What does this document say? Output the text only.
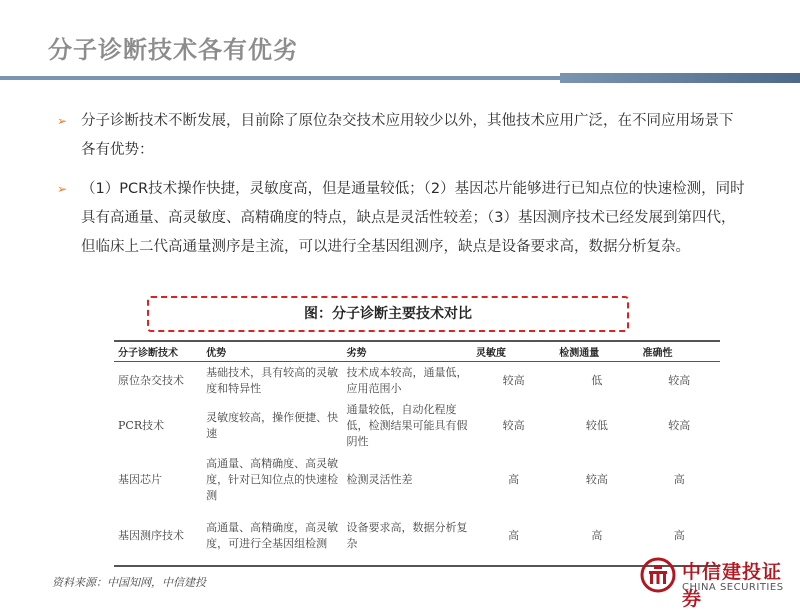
分子诊断技术各有优劣
➢ 分子诊断技术不断发展，目前除了原位杂交技术应用较少以外，其他技术应用广泛，在不同应用场景下各有优势：
➢ （1）PCR技术操作快捷，灵敏度高，但是通量较低；（2）基因芯片能够进行已知点位的快速检测，同时具有高通量、高灵敏度、高精确度的特点，缺点是灵活性较差；（3）基因测序技术已经发展到第四代，但临床上二代高通量测序是主流，可以进行全基因组测序，缺点是设备要求高，数据分析复杂。
图：分子诊断主要技术对比
分子诊断技术	优势	劣势	灵敏度	检测通量	准确性
原位杂交技术	基础技术，具有较高的灵敏度和特异性	技术成本较高，通量低，应用范围小	较高	低	较高
PCR技术	灵敏度较高，操作便捷、快速	通量较低，自动化程度低，检测结果可能具有假阴性	较高	较低	较高
基因芯片	高通量、高精确度、高灵敏度，针对已知位点的快速检测	检测灵活性差	高	较高	高
基因测序技术	高通量、高精确度，高灵敏度，可进行全基因组检测	设备要求高，数据分析复杂	高	高	高
资料来源：中国知网，中信建投	中信建投证券
CHINA SECURITIES
